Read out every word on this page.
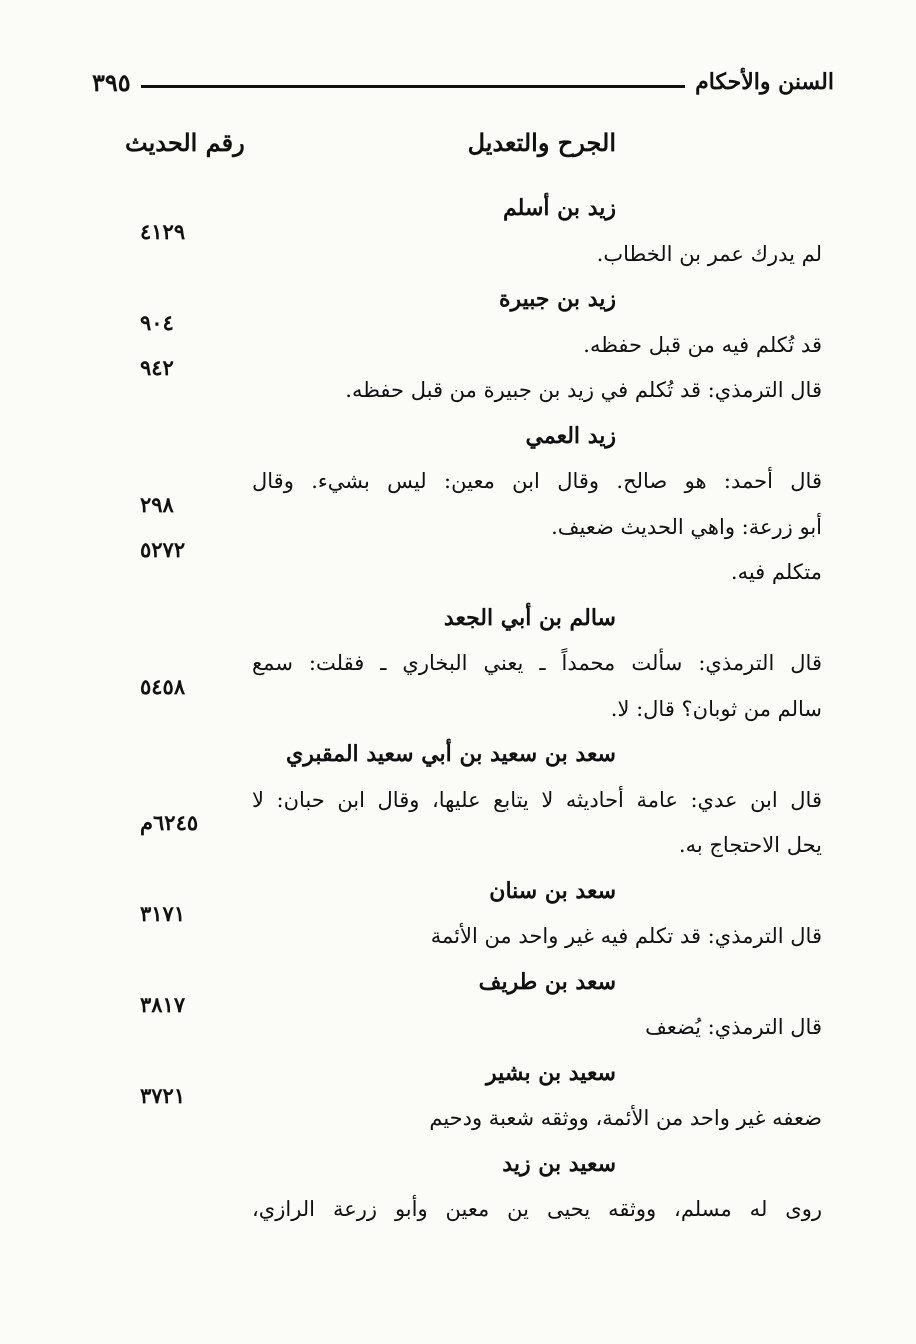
السنن والأحكام
٣٩٥
الجرح والتعديل
رقم الحديث
زيد بن أسلم
لم يدرك عمر بن الخطاب.
٤١٢٩
زيد بن جبيرة
قد تُكلم فيه من قبل حفظه.
٩٠٤
قال الترمذي: قد تُكلم في زيد بن جبيرة من قبل حفظه.
٩٤٢
زيد العمي
قال أحمد: هو صالح. وقال ابن معين: ليس بشيء. وقال
أبو زرعة: واهي الحديث ضعيف.
٢٩٨
متكلم فيه.
٥٢٧٢
سالم بن أبي الجعد
قال الترمذي: سألت محمداً ـ يعني البخاري ـ فقلت: سمع
سالم من ثوبان؟ قال: لا.
٥٤٥٨
سعد بن سعيد بن أبي سعيد المقبري
قال ابن عدي: عامة أحاديثه لا يتابع عليها، وقال ابن حبان: لا
يحل الاحتجاج به.
٦٢٤٥م
سعد بن سنان
قال الترمذي: قد تكلم فيه غير واحد من الأئمة
٣١٧١
سعد بن طريف
قال الترمذي: يُضعف
٣٨١٧
سعيد بن بشير
ضعفه غير واحد من الأئمة، ووثقه شعبة ودحيم
٣٧٢١
سعيد بن زيد
روى له مسلم، ووثقه يحيى ين معين وأبو زرعة الرازي،
